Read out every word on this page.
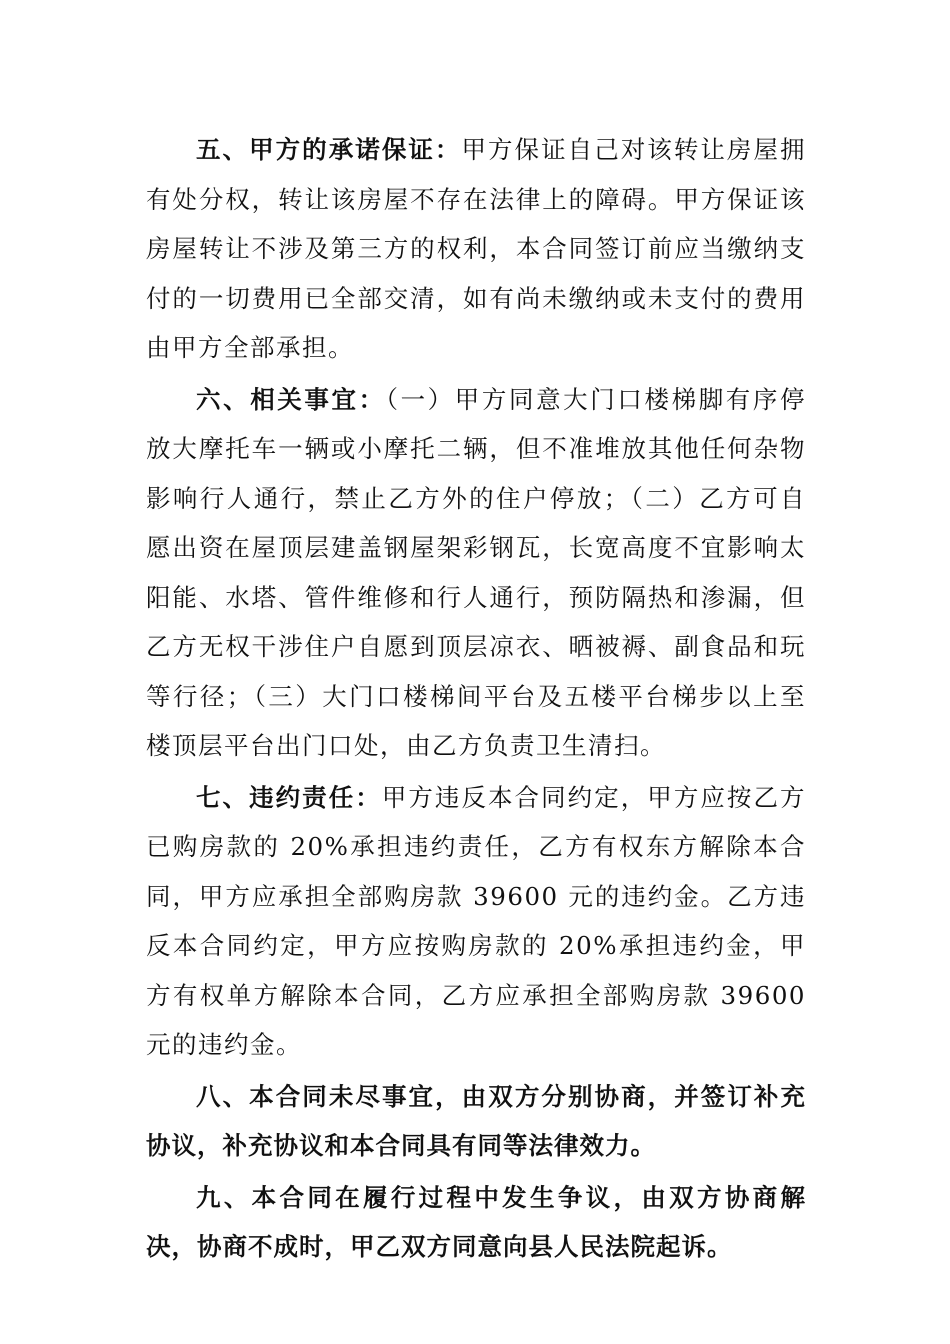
五、甲方的承诺保证：甲方保证自己对该转让房屋拥有处分权，转让该房屋不存在法律上的障碍。甲方保证该房屋转让不涉及第三方的权利，本合同签订前应当缴纳支付的一切费用已全部交清，如有尚未缴纳或未支付的费用由甲方全部承担。

六、相关事宜：（一）甲方同意大门口楼梯脚有序停放大摩托车一辆或小摩托二辆，但不准堆放其他任何杂物影响行人通行，禁止乙方外的住户停放；（二）乙方可自愿出资在屋顶层建盖钢屋架彩钢瓦，长宽高度不宜影响太阳能、水塔、管件维修和行人通行，预防隔热和渗漏，但乙方无权干涉住户自愿到顶层凉衣、晒被褥、副食品和玩等行径；（三）大门口楼梯间平台及五楼平台梯步以上至楼顶层平台出门口处，由乙方负责卫生清扫。

七、违约责任：甲方违反本合同约定，甲方应按乙方已购房款的 20%承担违约责任，乙方有权东方解除本合同，甲方应承担全部购房款 39600 元的违约金。乙方违反本合同约定，甲方应按购房款的 20%承担违约金，甲方有权单方解除本合同，乙方应承担全部购房款 39600 元的违约金。

八、本合同未尽事宜，由双方分别协商，并签订补充协议，补充协议和本合同具有同等法律效力。

九、本合同在履行过程中发生争议，由双方协商解决，协商不成时，甲乙双方同意向县人民法院起诉。
